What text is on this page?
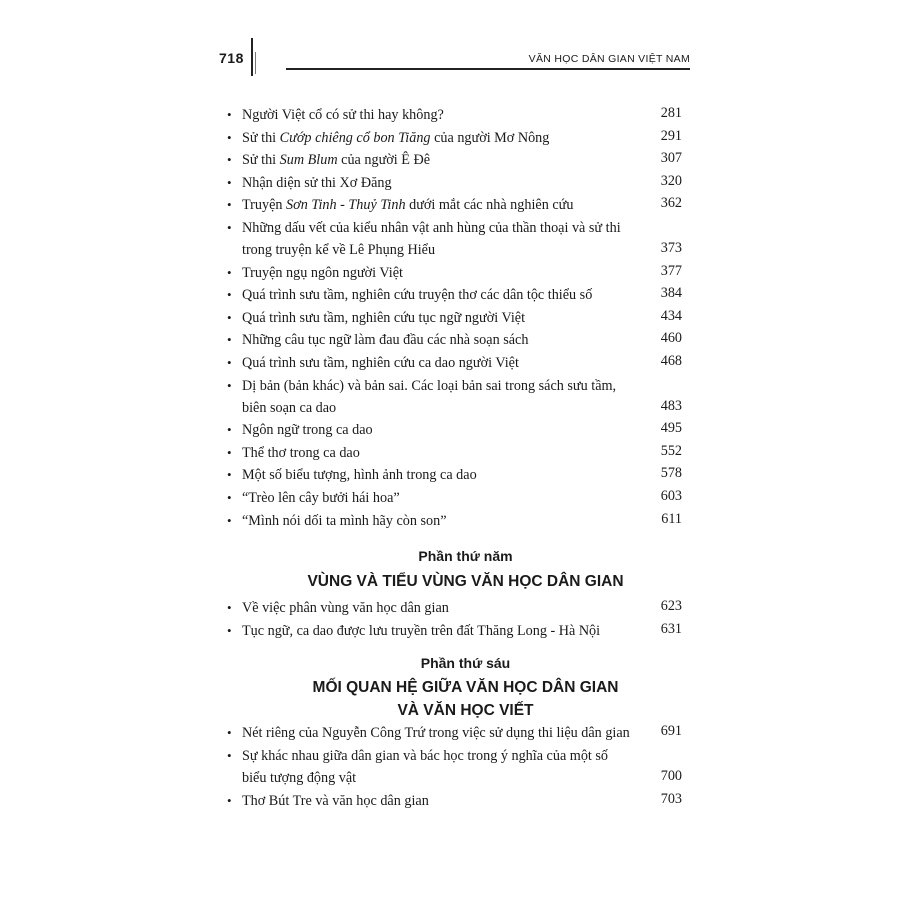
718	VĂN HỌC DÂN GIAN VIỆT NAM
• Người Việt cổ có sử thi hay không?	281
• Sử thi Cướp chiêng cổ bon Tiăng của người Mơ Nông	291
• Sử thi Sum Blum của người Ê Đê	307
• Nhận diện sử thi Xơ Đăng	320
• Truyện Sơn Tinh - Thuỷ Tinh dưới mắt các nhà nghiên cứu	362
• Những dấu vết của kiểu nhân vật anh hùng của thần thoại và sử thi
trong truyện kể về Lê Phụng Hiểu	373
• Truyện ngụ ngôn người Việt	377
• Quá trình sưu tầm, nghiên cứu truyện thơ các dân tộc thiểu số	384
• Quá trình sưu tầm, nghiên cứu tục ngữ người Việt	434
• Những câu tục ngữ làm đau đầu các nhà soạn sách	460
• Quá trình sưu tầm, nghiên cứu ca dao người Việt	468
• Dị bản (bản khác) và bản sai. Các loại bản sai trong sách sưu tầm,
biên soạn ca dao	483
• Ngôn ngữ trong ca dao	495
• Thể thơ trong ca dao	552
• Một số biểu tượng, hình ảnh trong ca dao	578
• “Trèo lên cây bưởi hái hoa”	603
• “Mình nói dối ta mình hãy còn son”	611
Phần thứ năm
VÙNG VÀ TIỂU VÙNG VĂN HỌC DÂN GIAN
• Về việc phân vùng văn học dân gian	623
• Tục ngữ, ca dao được lưu truyền trên đất Thăng Long - Hà Nội	631
Phần thứ sáu
MỐI QUAN HỆ GIỮA VĂN HỌC DÂN GIAN
VÀ VĂN HỌC VIẾT
• Nét riêng của Nguyễn Công Trứ trong việc sử dụng thi liệu dân gian	691
• Sự khác nhau giữa dân gian và bác học trong ý nghĩa của một số
biểu tượng động vật	700
• Thơ Bút Tre và văn học dân gian	703
